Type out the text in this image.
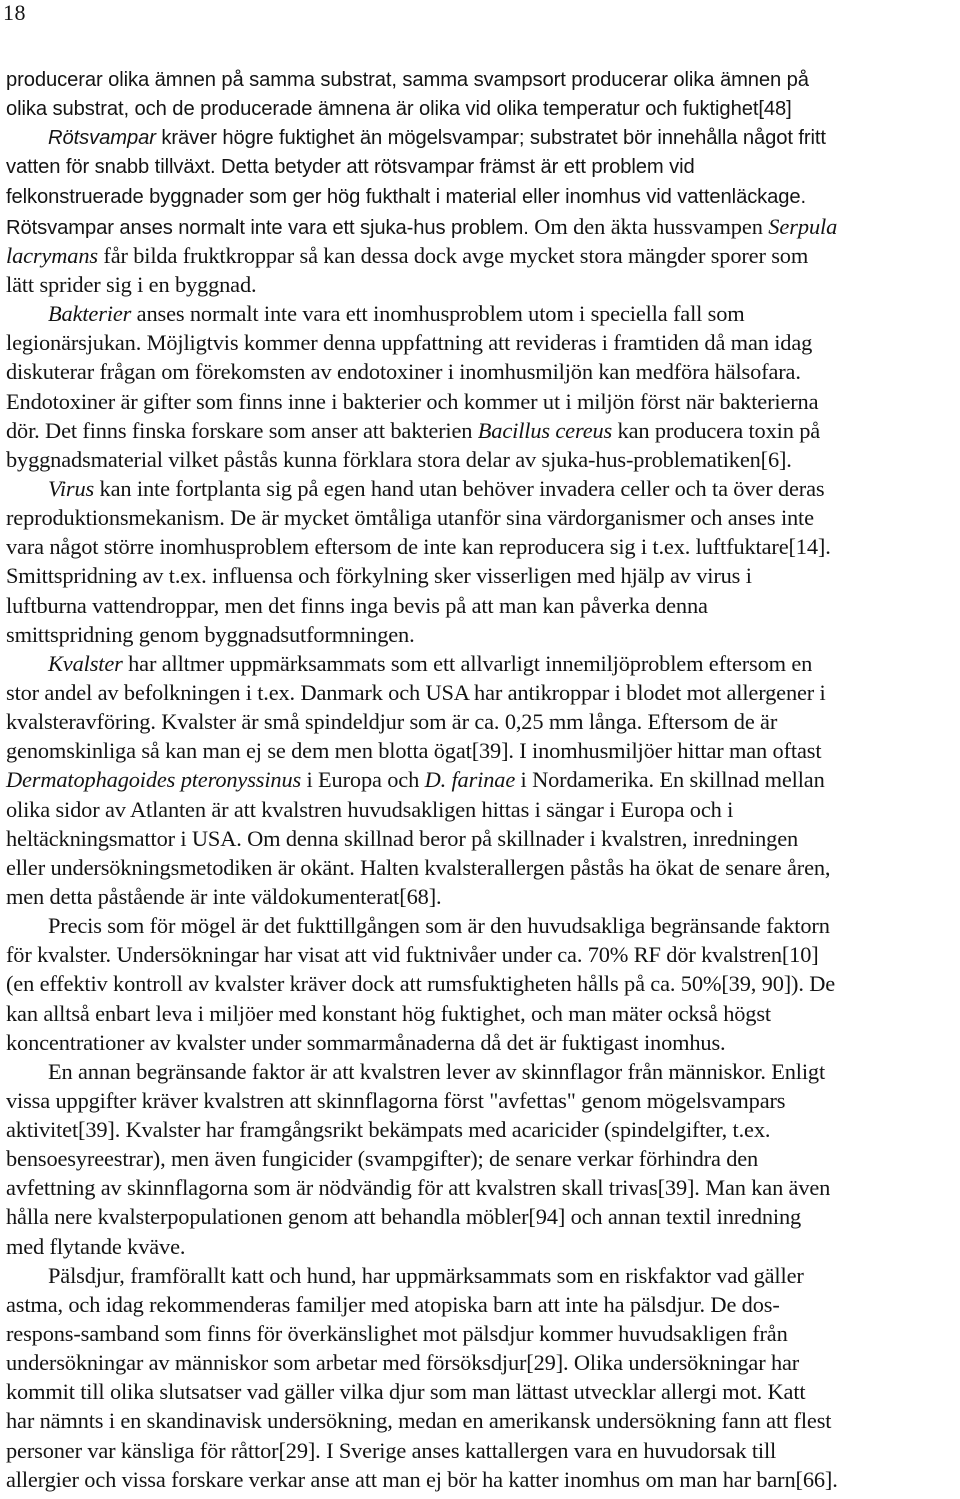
18
producerar olika ämnen på samma substrat, samma svampsort producerar olika ämnen på
olika substrat, och de producerade ämnena är olika vid olika temperatur och fuktighet[48]
Rötsvampar kräver högre fuktighet än mögelsvampar; substratet bör innehålla något fritt
vatten för snabb tillväxt. Detta betyder att rötsvampar främst är ett problem vid
felkonstruerade byggnader som ger hög fukthalt i material eller inomhus vid vattenläckage.
Rötsvampar anses normalt inte vara ett sjuka-hus problem. Om den äkta hussvampen Serpula
lacrymans får bilda fruktkroppar så kan dessa dock avge mycket stora mängder sporer som
lätt sprider sig i en byggnad.
Bakterier anses normalt inte vara ett inomhusproblem utom i speciella fall som
legionärsjukan. Möjligtvis kommer denna uppfattning att revideras i framtiden då man idag
diskuterar frågan om förekomsten av endotoxiner i inomhusmiljön kan medföra hälsofara.
Endotoxiner är gifter som finns inne i bakterier och kommer ut i miljön först när bakterierna
dör. Det finns finska forskare som anser att bakterien Bacillus cereus kan producera toxin på
byggnadsmaterial vilket påstås kunna förklara stora delar av sjuka-hus-problematiken[6].
Virus kan inte fortplanta sig på egen hand utan behöver invadera celler och ta över deras
reproduktionsmekanism. De är mycket ömtåliga utanför sina värdorganismer och anses inte
vara något större inomhusproblem eftersom de inte kan reproducera sig i t.ex. luftfuktare[14].
Smittspridning av t.ex. influensa och förkylning sker visserligen med hjälp av virus i
luftburna vattendroppar, men det finns inga bevis på att man kan påverka denna
smittspridning genom byggnadsutformningen.
Kvalster har alltmer uppmärksammats som ett allvarligt innemiljöproblem eftersom en
stor andel av befolkningen i t.ex. Danmark och USA har antikroppar i blodet mot allergener i
kvalsteravföring. Kvalster är små spindeldjur som är ca. 0,25 mm långa. Eftersom de är
genomskinliga så kan man ej se dem men blotta ögat[39]. I inomhusmiljöer hittar man oftast
Dermatophagoides pteronyssinus i Europa och D. farinae i Nordamerika. En skillnad mellan
olika sidor av Atlanten är att kvalstren huvudsakligen hittas i sängar i Europa och i
heltäckningsmattor i USA. Om denna skillnad beror på skillnader i kvalstren, inredningen
eller undersökningsmetodiken är okänt. Halten kvalsterallergen påstås ha ökat de senare åren,
men detta påstående är inte väldokumenterat[68].
Precis som för mögel är det fukttillgången som är den huvudsakliga begränsande faktorn
för kvalster. Undersökningar har visat att vid fuktnivåer under ca. 70% RF dör kvalstren[10]
(en effektiv kontroll av kvalster kräver dock att rumsfuktigheten hålls på ca. 50%[39, 90]). De
kan alltså enbart leva i miljöer med konstant hög fuktighet, och man mäter också högst
koncentrationer av kvalster under sommarmånaderna då det är fuktigast inomhus.
En annan begränsande faktor är att kvalstren lever av skinnflagor från människor. Enligt
vissa uppgifter kräver kvalstren att skinnflagorna först "avfettas" genom mögelsvampars
aktivitet[39]. Kvalster har framgångsrikt bekämpats med acaricider (spindelgifter, t.ex.
bensoesyreestrar), men även fungicider (svampgifter); de senare verkar förhindra den
avfettning av skinnflagorna som är nödvändig för att kvalstren skall trivas[39]. Man kan även
hålla nere kvalsterpopulationen genom att behandla möbler[94] och annan textil inredning
med flytande kväve.
Pälsdjur, framförallt katt och hund, har uppmärksammats som en riskfaktor vad gäller
astma, och idag rekommenderas familjer med atopiska barn att inte ha pälsdjur. De dos-
respons-samband som finns för överkänslighet mot pälsdjur kommer huvudsakligen från
undersökningar av människor som arbetar med försöksdjur[29]. Olika undersökningar har
kommit till olika slutsatser vad gäller vilka djur som man lättast utvecklar allergi mot. Katt
har nämnts i en skandinavisk undersökning, medan en amerikansk undersökning fann att flest
personer var känsliga för råttor[29]. I Sverige anses kattallergen vara en huvudorsak till
allergier och vissa forskare verkar anse att man ej bör ha katter inomhus om man har barn[66].
